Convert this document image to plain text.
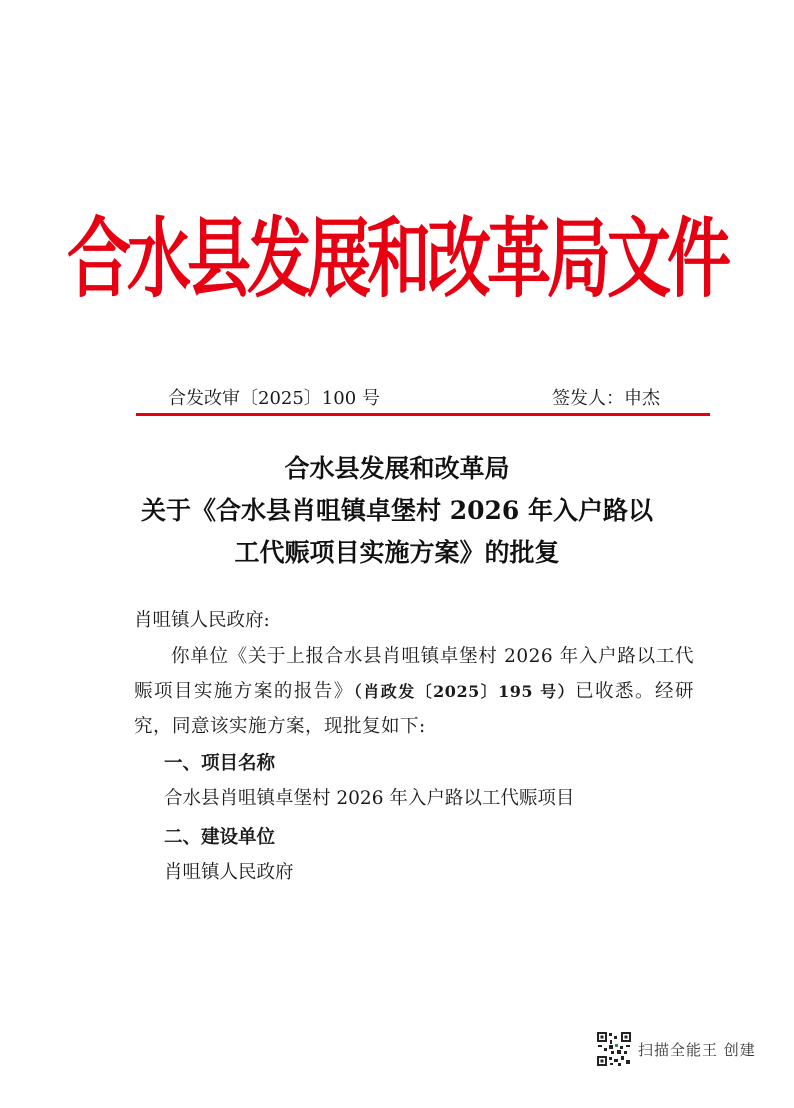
合水县发展和改革局文件
合发改审〔2025〕100 号	签发人：申杰
合水县发展和改革局
关于《合水县肖咀镇卓堡村 2026 年入户路以
工代赈项目实施方案》的批复
肖咀镇人民政府:

你单位《关于上报合水县肖咀镇卓堡村 2026 年入户路以工代赈项目实施方案的报告》（肖政发〔2025〕195 号）已收悉。经研究，同意该实施方案，现批复如下:

一、项目名称
合水县肖咀镇卓堡村 2026 年入户路以工代赈项目
二、建设单位
肖咀镇人民政府
扫描全能王 创建
